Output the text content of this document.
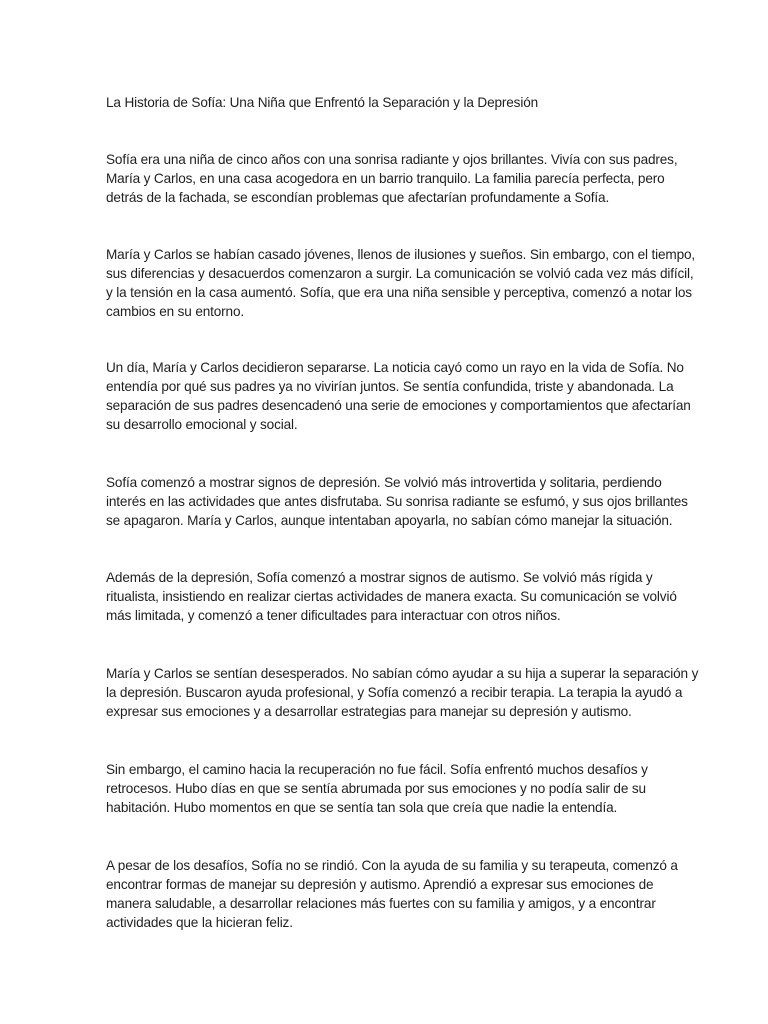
La Historia de Sofía: Una Niña que Enfrentó la Separación y la Depresión
Sofía era una niña de cinco años con una sonrisa radiante y ojos brillantes. Vivía con sus padres,
María y Carlos, en una casa acogedora en un barrio tranquilo. La familia parecía perfecta, pero
detrás de la fachada, se escondían problemas que afectarían profundamente a Sofía.
María y Carlos se habían casado jóvenes, llenos de ilusiones y sueños. Sin embargo, con el tiempo,
sus diferencias y desacuerdos comenzaron a surgir. La comunicación se volvió cada vez más difícil,
y la tensión en la casa aumentó. Sofía, que era una niña sensible y perceptiva, comenzó a notar los
cambios en su entorno.
Un día, María y Carlos decidieron separarse. La noticia cayó como un rayo en la vida de Sofía. No
entendía por qué sus padres ya no vivirían juntos. Se sentía confundida, triste y abandonada. La
separación de sus padres desencadenó una serie de emociones y comportamientos que afectarían
su desarrollo emocional y social.
Sofía comenzó a mostrar signos de depresión. Se volvió más introvertida y solitaria, perdiendo
interés en las actividades que antes disfrutaba. Su sonrisa radiante se esfumó, y sus ojos brillantes
se apagaron. María y Carlos, aunque intentaban apoyarla, no sabían cómo manejar la situación.
Además de la depresión, Sofía comenzó a mostrar signos de autismo. Se volvió más rígida y
ritualista, insistiendo en realizar ciertas actividades de manera exacta. Su comunicación se volvió
más limitada, y comenzó a tener dificultades para interactuar con otros niños.
María y Carlos se sentían desesperados. No sabían cómo ayudar a su hija a superar la separación y
la depresión. Buscaron ayuda profesional, y Sofía comenzó a recibir terapia. La terapia la ayudó a
expresar sus emociones y a desarrollar estrategias para manejar su depresión y autismo.
Sin embargo, el camino hacia la recuperación no fue fácil. Sofía enfrentó muchos desafíos y
retrocesos. Hubo días en que se sentía abrumada por sus emociones y no podía salir de su
habitación. Hubo momentos en que se sentía tan sola que creía que nadie la entendía.
A pesar de los desafíos, Sofía no se rindió. Con la ayuda de su familia y su terapeuta, comenzó a
encontrar formas de manejar su depresión y autismo. Aprendió a expresar sus emociones de
manera saludable, a desarrollar relaciones más fuertes con su familia y amigos, y a encontrar
actividades que la hicieran feliz.
